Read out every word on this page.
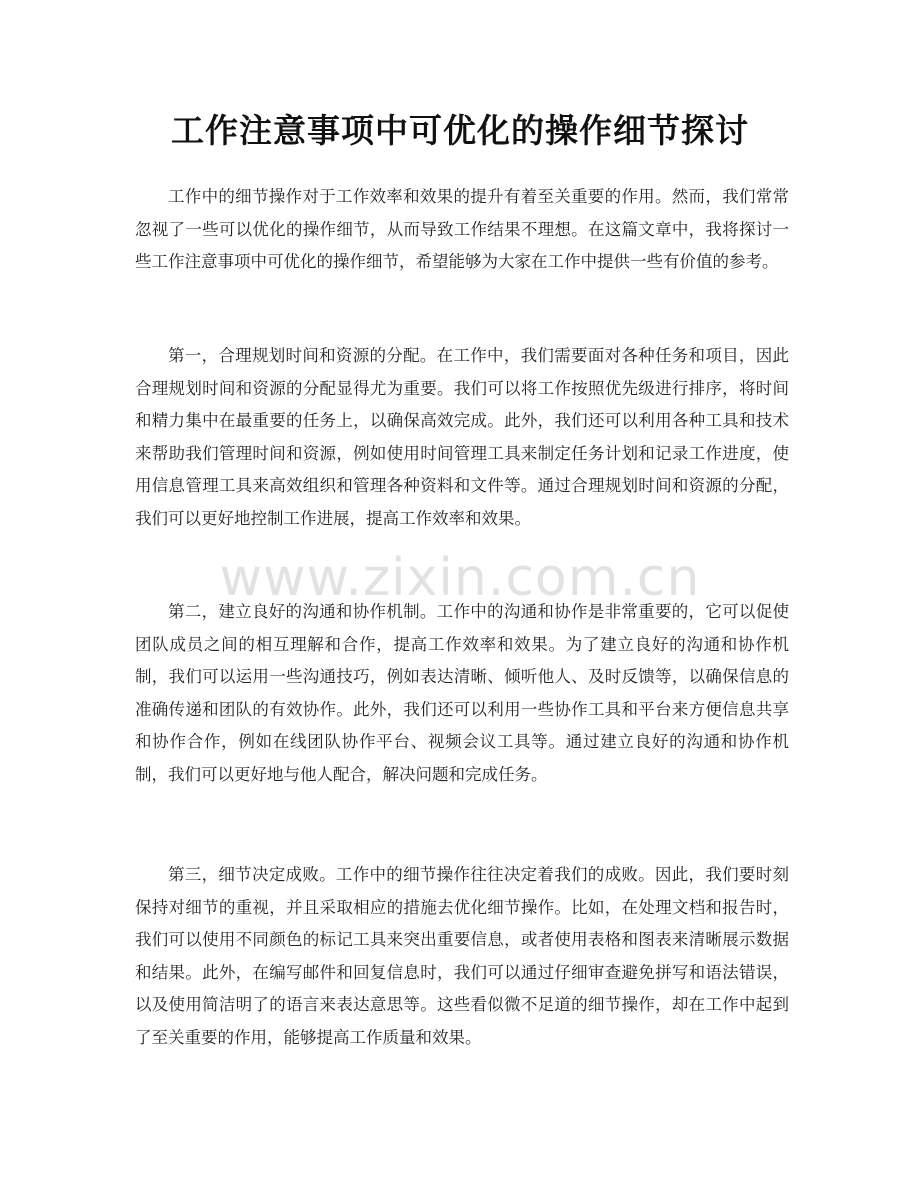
工作注意事项中可优化的操作细节探讨

工作中的细节操作对于工作效率和效果的提升有着至关重要的作用。然而，我们常常忽视了一些可以优化的操作细节，从而导致工作结果不理想。在这篇文章中，我将探讨一些工作注意事项中可优化的操作细节，希望能够为大家在工作中提供一些有价值的参考。

第一，合理规划时间和资源的分配。在工作中，我们需要面对各种任务和项目，因此合理规划时间和资源的分配显得尤为重要。我们可以将工作按照优先级进行排序，将时间和精力集中在最重要的任务上，以确保高效完成。此外，我们还可以利用各种工具和技术来帮助我们管理时间和资源，例如使用时间管理工具来制定任务计划和记录工作进度，使用信息管理工具来高效组织和管理各种资料和文件等。通过合理规划时间和资源的分配，我们可以更好地控制工作进展，提高工作效率和效果。

第二，建立良好的沟通和协作机制。工作中的沟通和协作是非常重要的，它可以促使团队成员之间的相互理解和合作，提高工作效率和效果。为了建立良好的沟通和协作机制，我们可以运用一些沟通技巧，例如表达清晰、倾听他人、及时反馈等，以确保信息的准确传递和团队的有效协作。此外，我们还可以利用一些协作工具和平台来方便信息共享和协作合作，例如在线团队协作平台、视频会议工具等。通过建立良好的沟通和协作机制，我们可以更好地与他人配合，解决问题和完成任务。

第三，细节决定成败。工作中的细节操作往往决定着我们的成败。因此，我们要时刻保持对细节的重视，并且采取相应的措施去优化细节操作。比如，在处理文档和报告时，我们可以使用不同颜色的标记工具来突出重要信息，或者使用表格和图表来清晰展示数据和结果。此外，在编写邮件和回复信息时，我们可以通过仔细审查避免拼写和语法错误，以及使用简洁明了的语言来表达意思等。这些看似微不足道的细节操作，却在工作中起到了至关重要的作用，能够提高工作质量和效果。

www.zixin.com.cn
